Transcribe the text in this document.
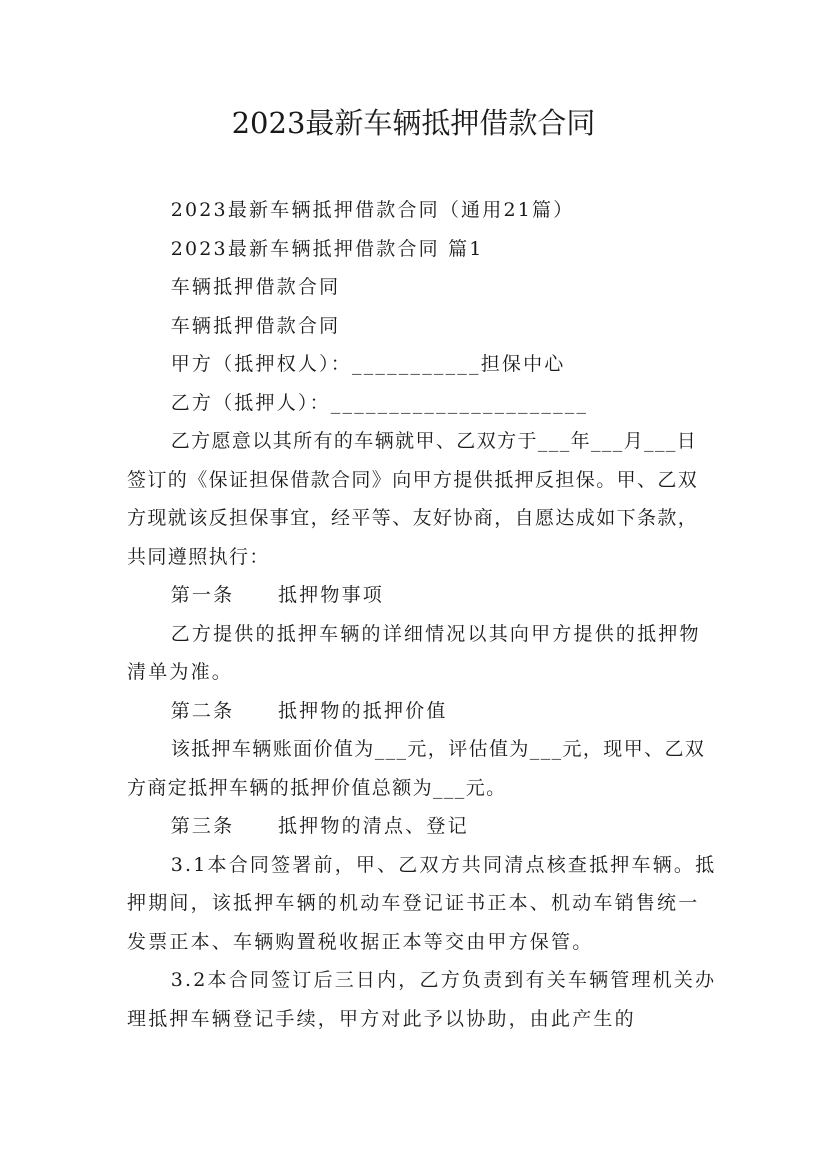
2023最新车辆抵押借款合同

2023最新车辆抵押借款合同（通用21篇）

2023最新车辆抵押借款合同 篇1

车辆抵押借款合同

车辆抵押借款合同

甲方（抵押权人）：___________担保中心

乙方（抵押人）：______________________

乙方愿意以其所有的车辆就甲、乙双方于___年___月___日签订的《保证担保借款合同》向甲方提供抵押反担保。甲、乙双方现就该反担保事宜，经平等、友好协商，自愿达成如下条款，共同遵照执行：

第一条 抵押物事项

乙方提供的抵押车辆的详细情况以其向甲方提供的抵押物清单为准。

第二条 抵押物的抵押价值

该抵押车辆账面价值为___元，评估值为___元，现甲、乙双方商定抵押车辆的抵押价值总额为___元。

第三条 抵押物的清点、登记

3.1本合同签署前，甲、乙双方共同清点核查抵押车辆。抵押期间，该抵押车辆的机动车登记证书正本、机动车销售统一发票正本、车辆购置税收据正本等交由甲方保管。

3.2本合同签订后三日内，乙方负责到有关车辆管理机关办理抵押车辆登记手续，甲方对此予以协助，由此产生的
